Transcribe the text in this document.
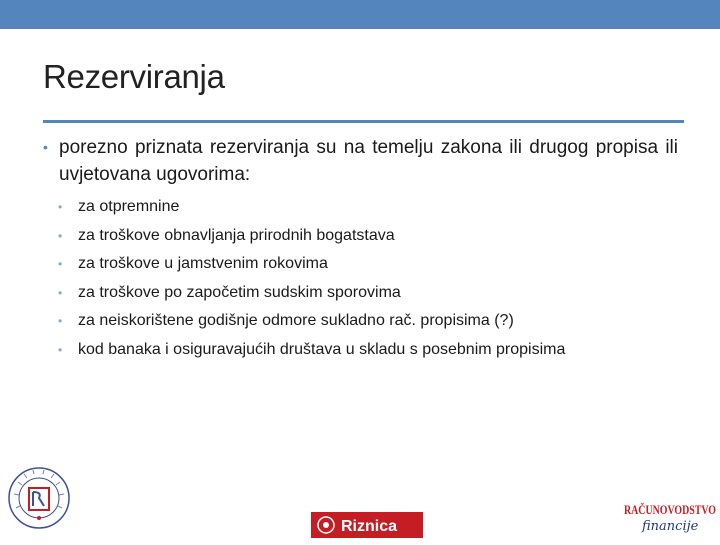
Rezerviranja
• porezno priznata rezerviranja su na temelju zakona ili drugog propisa ili uvjetovana ugovorima:
• za otpremnine
• za troškove obnavljanja prirodnih bogatstava
• za troškove u jamstvenim rokovima
• za troškove po započetim sudskim sporovima
• za neiskorištene godišnje odmore sukladno rač. propisima (?)
• kod banaka i osiguravajućih društava u skladu s posebnim propisima
Riznica
RAČUNOVODSTVO
financije
